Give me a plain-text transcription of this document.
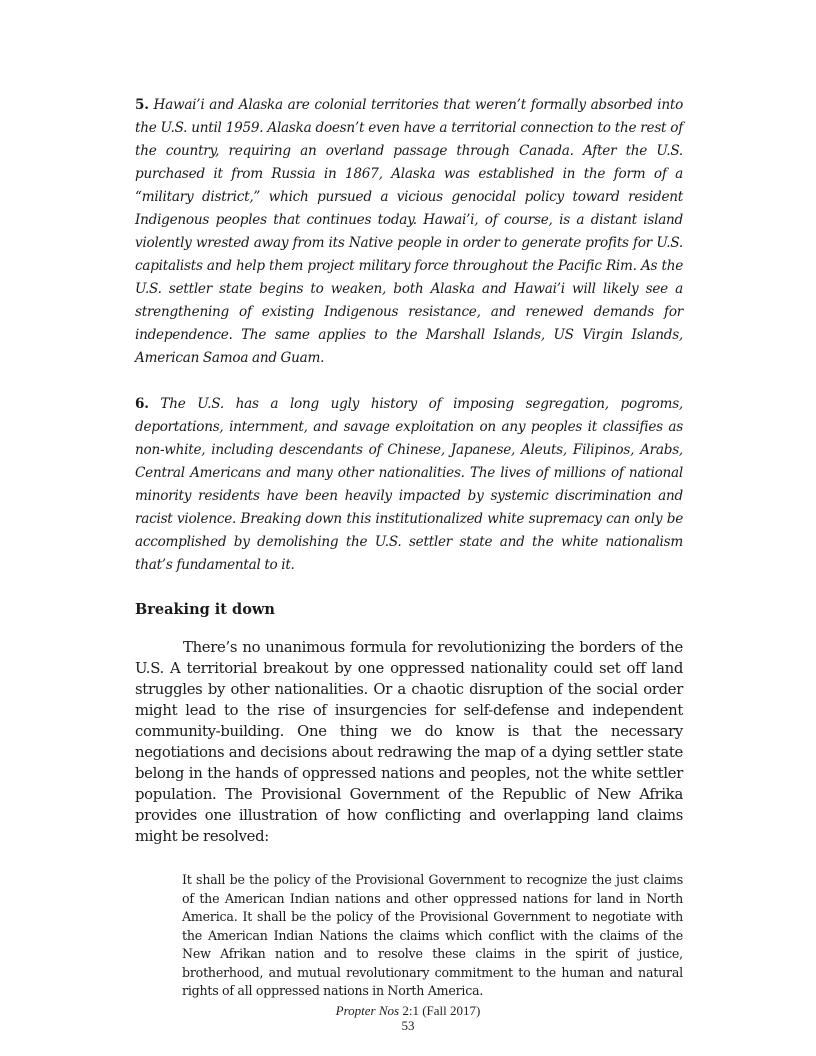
5. Hawai’i and Alaska are colonial territories that weren’t formally absorbed into the U.S. until 1959. Alaska doesn’t even have a territorial connection to the rest of the country, requiring an overland passage through Canada. After the U.S. purchased it from Russia in 1867, Alaska was established in the form of a “military district,” which pursued a vicious genocidal policy toward resident Indigenous peoples that continues today. Hawai’i, of course, is a distant island violently wrested away from its Native people in order to generate profits for U.S. capitalists and help them project military force throughout the Pacific Rim. As the U.S. settler state begins to weaken, both Alaska and Hawai’i will likely see a strengthening of existing Indigenous resistance, and renewed demands for independence. The same applies to the Marshall Islands, US Virgin Islands, American Samoa and Guam.

6. The U.S. has a long ugly history of imposing segregation, pogroms, deportations, internment, and savage exploitation on any peoples it classifies as non-white, including descendants of Chinese, Japanese, Aleuts, Filipinos, Arabs, Central Americans and many other nationalities. The lives of millions of national minority residents have been heavily impacted by systemic discrimination and racist violence. Breaking down this institutionalized white supremacy can only be accomplished by demolishing the U.S. settler state and the white nationalism that’s fundamental to it.

Breaking it down

There’s no unanimous formula for revolutionizing the borders of the U.S. A territorial breakout by one oppressed nationality could set off land struggles by other nationalities. Or a chaotic disruption of the social order might lead to the rise of insurgencies for self-defense and independent community-building. One thing we do know is that the necessary negotiations and decisions about redrawing the map of a dying settler state belong in the hands of oppressed nations and peoples, not the white settler population. The Provisional Government of the Republic of New Afrika provides one illustration of how conflicting and overlapping land claims might be resolved:

It shall be the policy of the Provisional Government to recognize the just claims of the American Indian nations and other oppressed nations for land in North America. It shall be the policy of the Provisional Government to negotiate with the American Indian Nations the claims which conflict with the claims of the New Afrikan nation and to resolve these claims in the spirit of justice, brotherhood, and mutual revolutionary commitment to the human and natural rights of all oppressed nations in North America.
Propter Nos 2:1 (Fall 2017)
53
